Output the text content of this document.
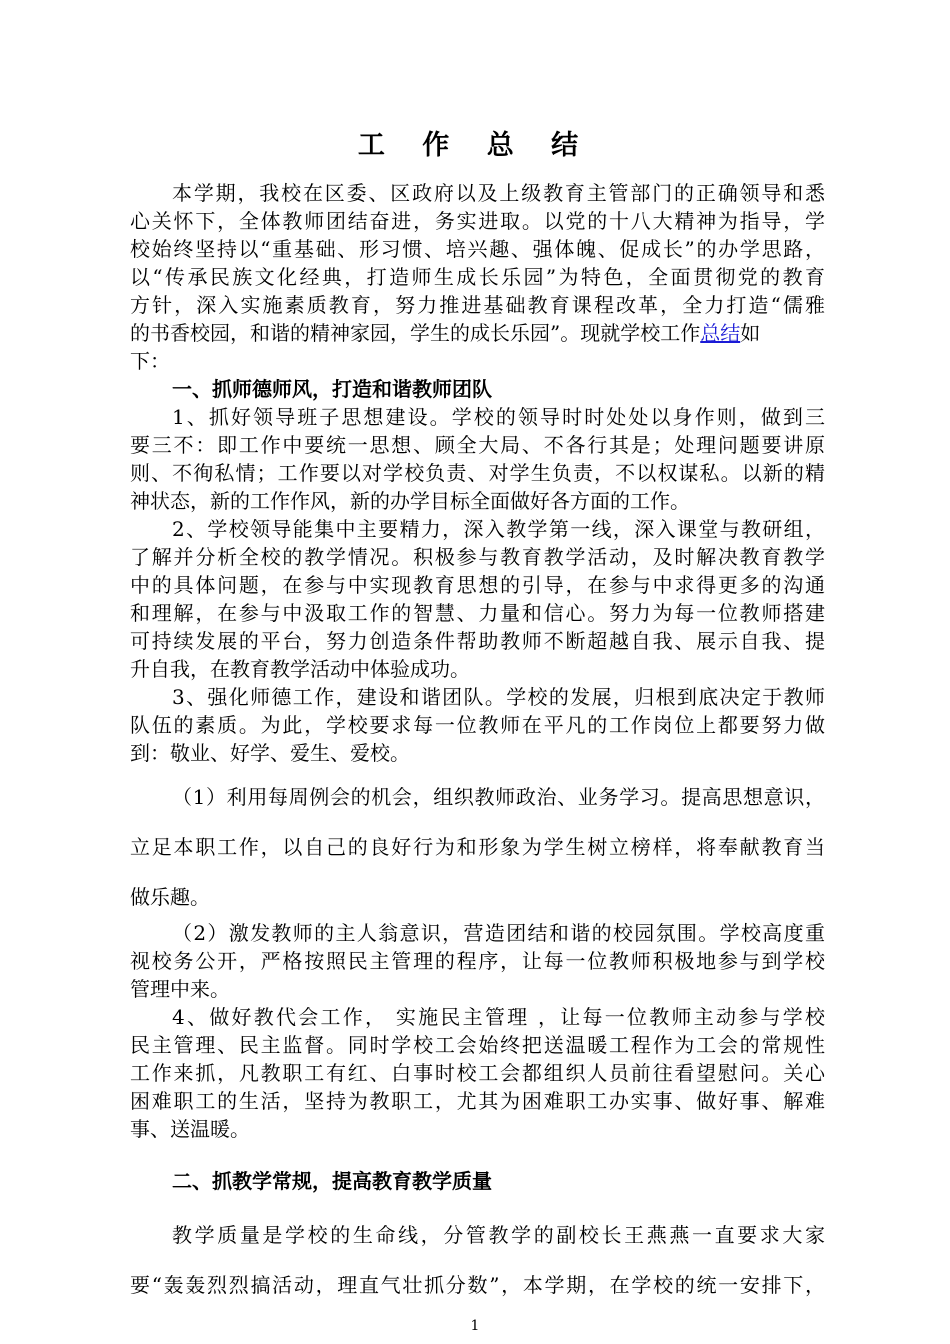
工 作 总 结
本学期，我校在区委、区政府以及上级教育主管部门的正确领导和悉
心关怀下，全体教师团结奋进，务实进取。以党的十八大精神为指导，学
校始终坚持以“重基础、形习惯、培兴趣、强体魄、促成长”的办学思路，
以“传承民族文化经典，打造师生成长乐园”为特色，全面贯彻党的教育
方针，深入实施素质教育，努力推进基础教育课程改革，全力打造“儒雅
的书香校园，和谐的精神家园，学生的成长乐园”。现就学校工作总结如
下：
一、抓师德师风，打造和谐教师团队
1、抓好领导班子思想建设。学校的领导时时处处以身作则，做到三
要三不：即工作中要统一思想、顾全大局、不各行其是；处理问题要讲原
则、不徇私情；工作要以对学校负责、对学生负责，不以权谋私。以新的精
神状态，新的工作作风，新的办学目标全面做好各方面的工作。
2、学校领导能集中主要精力，深入教学第一线，深入课堂与教研组，
了解并分析全校的教学情况。积极参与教育教学活动，及时解决教育教学
中的具体问题，在参与中实现教育思想的引导，在参与中求得更多的沟通
和理解，在参与中汲取工作的智慧、力量和信心。努力为每一位教师搭建
可持续发展的平台，努力创造条件帮助教师不断超越自我、展示自我、提
升自我，在教育教学活动中体验成功。
3、强化师德工作，建设和谐团队。学校的发展，归根到底决定于教师
队伍的素质。为此，学校要求每一位教师在平凡的工作岗位上都要努力做
到：敬业、好学、爱生、爱校。
（1）利用每周例会的机会，组织教师政治、业务学习。提高思想意识，
立足本职工作，以自己的良好行为和形象为学生树立榜样，将奉献教育当
做乐趣。
（2）激发教师的主人翁意识，营造团结和谐的校园氛围。学校高度重
视校务公开，严格按照民主管理的程序，让每一位教师积极地参与到学校
管理中来。
4、做好教代会工作， 实施民主管理 ，让每一位教师主动参与学校
民主管理、民主监督。同时学校工会始终把送温暖工程作为工会的常规性
工作来抓，凡教职工有红、白事时校工会都组织人员前往看望慰问。关心
困难职工的生活，坚持为教职工，尤其为困难职工办实事、做好事、解难
事、送温暖。
二、抓教学常规，提高教育教学质量
教学质量是学校的生命线，分管教学的副校长王燕燕一直要求大家
要“轰轰烈烈搞活动，理直气壮抓分数”，本学期，在学校的统一安排下，
1
